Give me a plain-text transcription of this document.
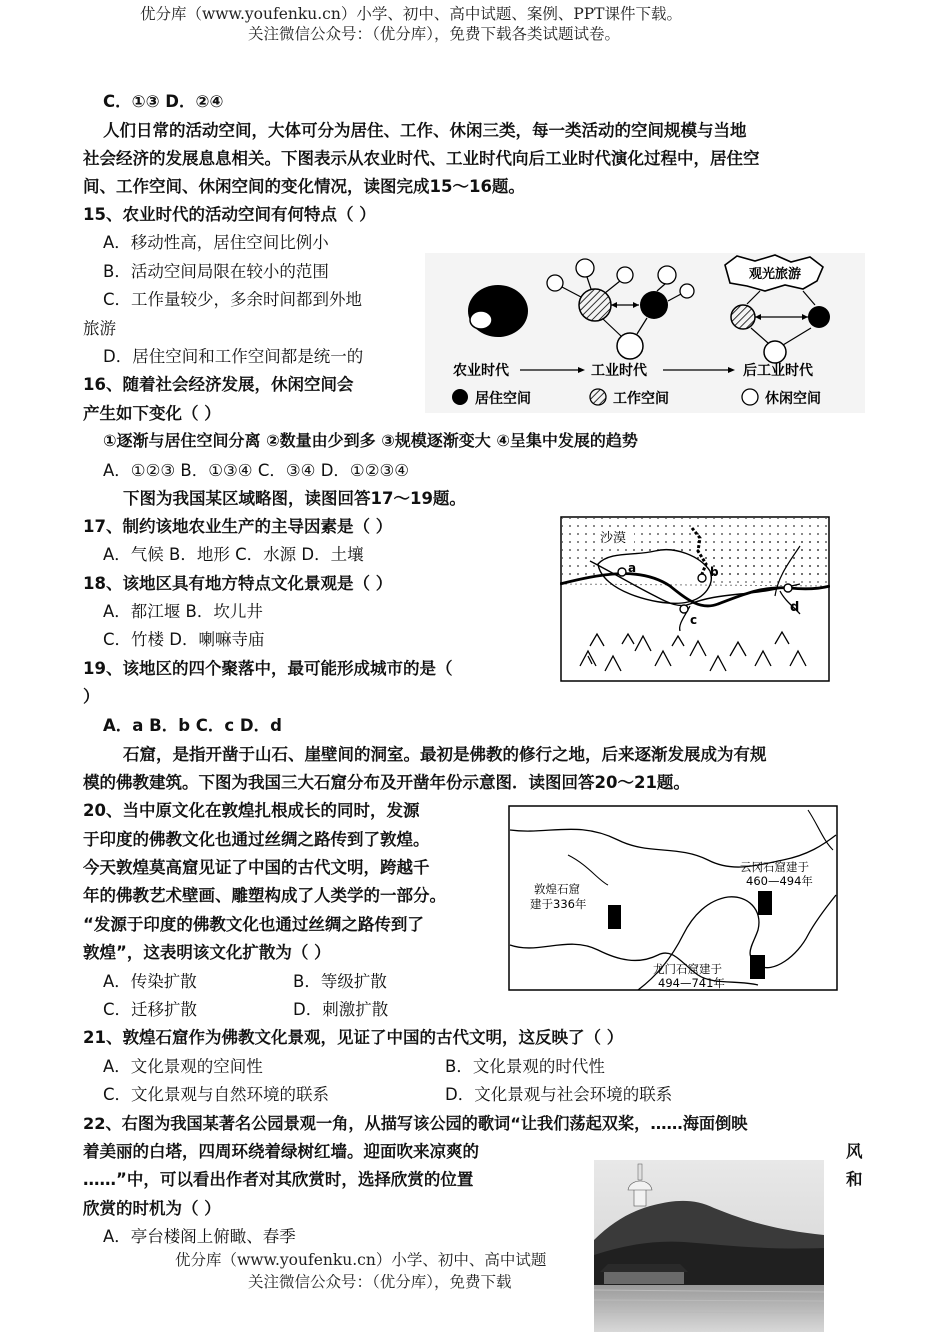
优分库（www.youfenku.cn）小学、初中、高中试题、案例、PPT课件下载。
关注微信公众号：（优分库），免费下载各类试题试卷。
C．①③ D．②④
人们日常的活动空间，大体可分为居住、工作、休闲三类，每一类活动的空间规模与当地
社会经济的发展息息相关。下图表示从农业时代、工业时代向后工业时代演化过程中，居住空
间、工作空间、休闲空间的变化情况，读图完成15～16题。
15、农业时代的活动空间有何特点（ ）
A．移动性高，居住空间比例小
B．活动空间局限在较小的范围
C．工作量较少，多余时间都到外地
旅游
D．居住空间和工作空间都是统一的
16、随着社会经济发展，休闲空间会
产生如下变化（ ）
①逐渐与居住空间分离 ②数量由少到多 ③规模逐渐变大 ④呈集中发展的趋势
A．①②③ B．①③④ C．③④ D．①②③④
观光旅游
农业时代	工业时代	后工业时代
居住空间	工作空间	休闲空间
下图为我国某区域略图，读图回答17～19题。
17、制约该地农业生产的主导因素是（ ）
A．气候 B．地形 C．水源 D．土壤
18、该地区具有地方特点文化景观是（ ）
A．都江堰 B．坎儿井
C．竹楼 D．喇嘛寺庙
19、该地区的四个聚落中，最可能形成城市的是（
）
A．a B．b C．c D．d
沙漠
a	b
c
d
石窟，是指开凿于山石、崖壁间的洞室。最初是佛教的修行之地，后来逐渐发展成为有规
模的佛教建筑。下图为我国三大石窟分布及开凿年份示意图．读图回答20～21题。
20、当中原文化在敦煌扎根成长的同时，发源
于印度的佛教文化也通过丝绸之路传到了敦煌。
今天敦煌莫高窟见证了中国的古代文明，跨越千
年的佛教艺术壁画、雕塑构成了人类学的一部分。
“发源于印度的佛教文化也通过丝绸之路传到了
敦煌”，这表明该文化扩散为（ ）
A．传染扩散	B．等级扩散
C．迁移扩散	D．刺激扩散
敦煌石窟
建于336年
云冈石窟建于
460—494年
龙门石窟建于
494—741年
21、敦煌石窟作为佛教文化景观，见证了中国的古代文明，这反映了（ ）
A．文化景观的空间性	B．文化景观的时代性
C．文化景观与自然环境的联系	D．文化景观与社会环境的联系
22、右图为我国某著名公园景观一角，从描写该公园的歌词“让我们荡起双桨，……海面倒映
着美丽的白塔，四周环绕着绿树红墙。迎面吹来凉爽的	风
……”中，可以看出作者对其欣赏时，选择欣赏的位置	和
欣赏的时机为（ ）
A．亭台楼阁上俯瞰、春季
优分库（www.youfenku.cn）小学、初中、高中试题
关注微信公众号：（优分库），免费下载
